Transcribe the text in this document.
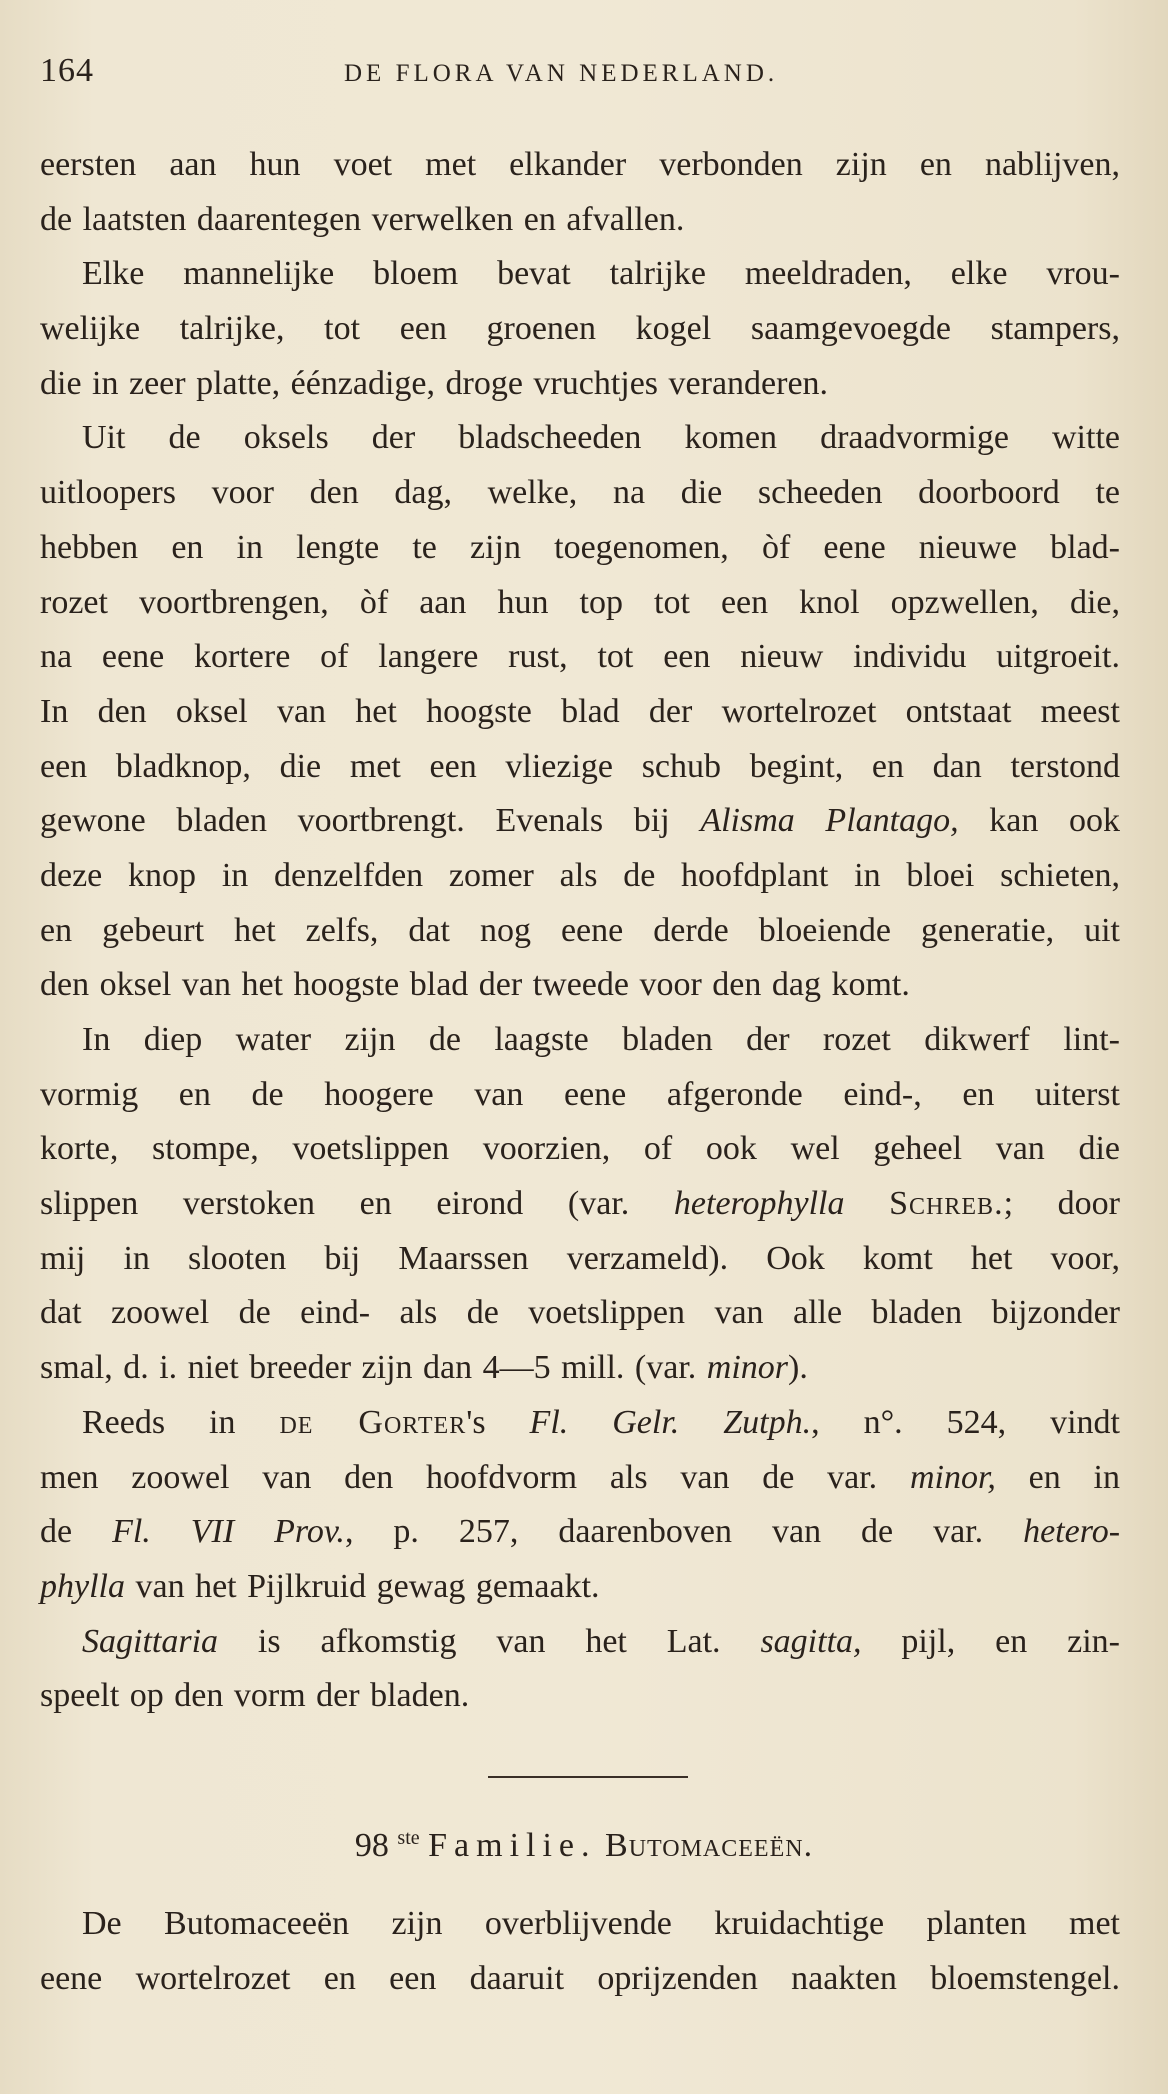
164	DE FLORA VAN NEDERLAND.
eersten aan hun voet met elkander verbonden zijn en nablijven,
de laatsten daarentegen verwelken en afvallen.
Elke mannelijke bloem bevat talrijke meeldraden, elke vrou-
welijke talrijke, tot een groenen kogel saamgevoegde stampers,
die in zeer platte, éénzadige, droge vruchtjes veranderen.
Uit de oksels der bladscheeden komen draadvormige witte
uitloopers voor den dag, welke, na die scheeden doorboord te
hebben en in lengte te zijn toegenomen, òf eene nieuwe blad-
rozet voortbrengen, òf aan hun top tot een knol opzwellen, die,
na eene kortere of langere rust, tot een nieuw individu uitgroeit.
In den oksel van het hoogste blad der wortelrozet ontstaat meest
een bladknop, die met een vliezige schub begint, en dan terstond
gewone bladen voortbrengt. Evenals bij Alisma Plantago, kan ook
deze knop in denzelfden zomer als de hoofdplant in bloei schieten,
en gebeurt het zelfs, dat nog eene derde bloeiende generatie, uit
den oksel van het hoogste blad der tweede voor den dag komt.
In diep water zijn de laagste bladen der rozet dikwerf lint-
vormig en de hoogere van eene afgeronde eind-, en uiterst
korte, stompe, voetslippen voorzien, of ook wel geheel van die
slippen verstoken en eirond (var. heterophylla Schreb.; door
mij in slooten bij Maarssen verzameld). Ook komt het voor,
dat zoowel de eind- als de voetslippen van alle bladen bijzonder
smal, d. i. niet breeder zijn dan 4—5 mill. (var. minor).
Reeds in de Gorter's Fl. Gelr. Zutph., n°. 524, vindt
men zoowel van den hoofdvorm als van de var. minor, en in
de Fl. VII Prov., p. 257, daarenboven van de var. hetero-
phylla van het Pijlkruid gewag gemaakt.
Sagittaria is afkomstig van het Lat. sagitta, pijl, en zin-
speelt op den vorm der bladen.
98 $^{ste}$ Familie. Butomaceeën.
De Butomaceeën zijn overblijvende kruidachtige planten met
eene wortelrozet en een daaruit oprijzenden naakten bloemstengel.
